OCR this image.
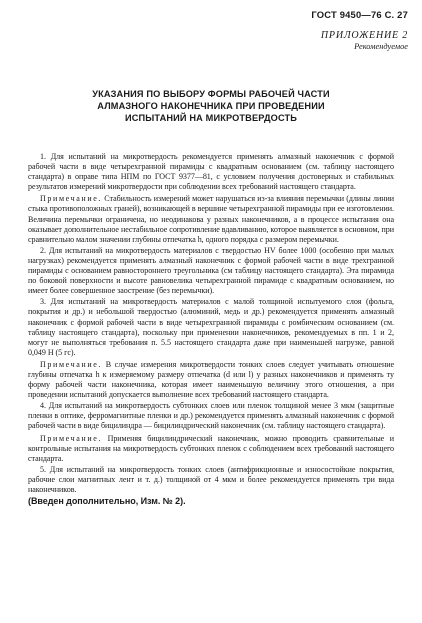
ГОСТ 9450—76 С. 27
ПРИЛОЖЕНИЕ 2
Рекомендуемое
УКАЗАНИЯ ПО ВЫБОРУ ФОРМЫ РАБОЧЕЙ ЧАСТИ
АЛМАЗНОГО НАКОНЕЧНИКА ПРИ ПРОВЕДЕНИИ
ИСПЫТАНИЙ НА МИКРОТВЕРДОСТЬ

1. Для испытаний на микротвердость рекомендуется применять алмазный наконечник с формой рабочей части в виде четырехгранной пирамиды с квадратным основанием (см. таблицу настоящего стандарта) в оправе типа НПМ по ГОСТ 9377—81, с условием получения достоверных и стабильных результатов измерений микротвердости при соблюдении всех требований настоящего стандарта.

Примечание. Стабильность измерений может нарушаться из-за влияния перемычки (длины линии стыка противоположных граней), возникающей в вершине четырехгранной пирамиды при ее изготовлении. Величина перемычки ограничена, но неодинакова у разных наконечников, а в процессе испытания она оказывает дополнительное нестабильное сопротивление вдавливанию, которое выявляется в основном, при сравнительно малом значении глубины отпечатка h, одного порядка с размером перемычки.

2. Для испытаний на микротвердость материалов с твердостью HV более 1000 (особенно при малых нагрузках) рекомендуется применять алмазный наконечник с формой рабочей части в виде трехгранной пирамиды с основанием равностороннего треугольника (см таблицу настоящего стандарта). Эта пирамида по боковой поверхности и высоте равновелика четырехгранной пирамиде с квадратным основанием, но имеет более совершенное заострение (без перемычки).

3. Для испытаний на микротвердость материалов с малой толщиной испытуемого слоя (фольга, покрытия и др.) и небольшой твердостью (алюминий, медь и др.) рекомендуется применять алмазный наконечник с формой рабочей части в виде четырехгранной пирамиды с ромбическим основанием (см. таблицу настоящего стандарта), поскольку при применении наконечников, рекомендуемых в пп. 1 и 2, могут не выполняться требования п. 5.5 настоящего стандарта даже при наименьшей нагрузке, равной 0,049 Н (5 гс).

Примечание. В случае измерения микротвердости тонких слоев следует учитывать отношение глубины отпечатка h к измеряемому размеру отпечатка (d или l) у разных наконечников и применять ту форму рабочей части наконечника, которая имеет наименьшую величину этого отношения, а при проведении испытаний допускается выполнение всех требований настоящего стандарта.

4. Для испытаний на микротвердость субтонких слоев или пленок толщиной менее 3 мкм (защитные пленки в оптике, ферромагнитные пленки и др.) рекомендуется применять алмазный наконечник с формой рабочей части в виде бицилиндра — бицилиндрический наконечник (см. таблицу настоящего стандарта).

Примечание. Применяя бицилиндрический наконечник, можно проводить сравнительные и контрольные испытания на микротвердость субтонких пленок с соблюдением всех требований настоящего стандарта.

5. Для испытаний на микротвердость тонких слоев (антифрикционные и износостойкие покрытия, рабочие слои магнитных лент и т. д.) толщиной от 4 мкм и более рекомендуется применять три вида наконечников.

(Введен дополнительно, Изм. № 2).
